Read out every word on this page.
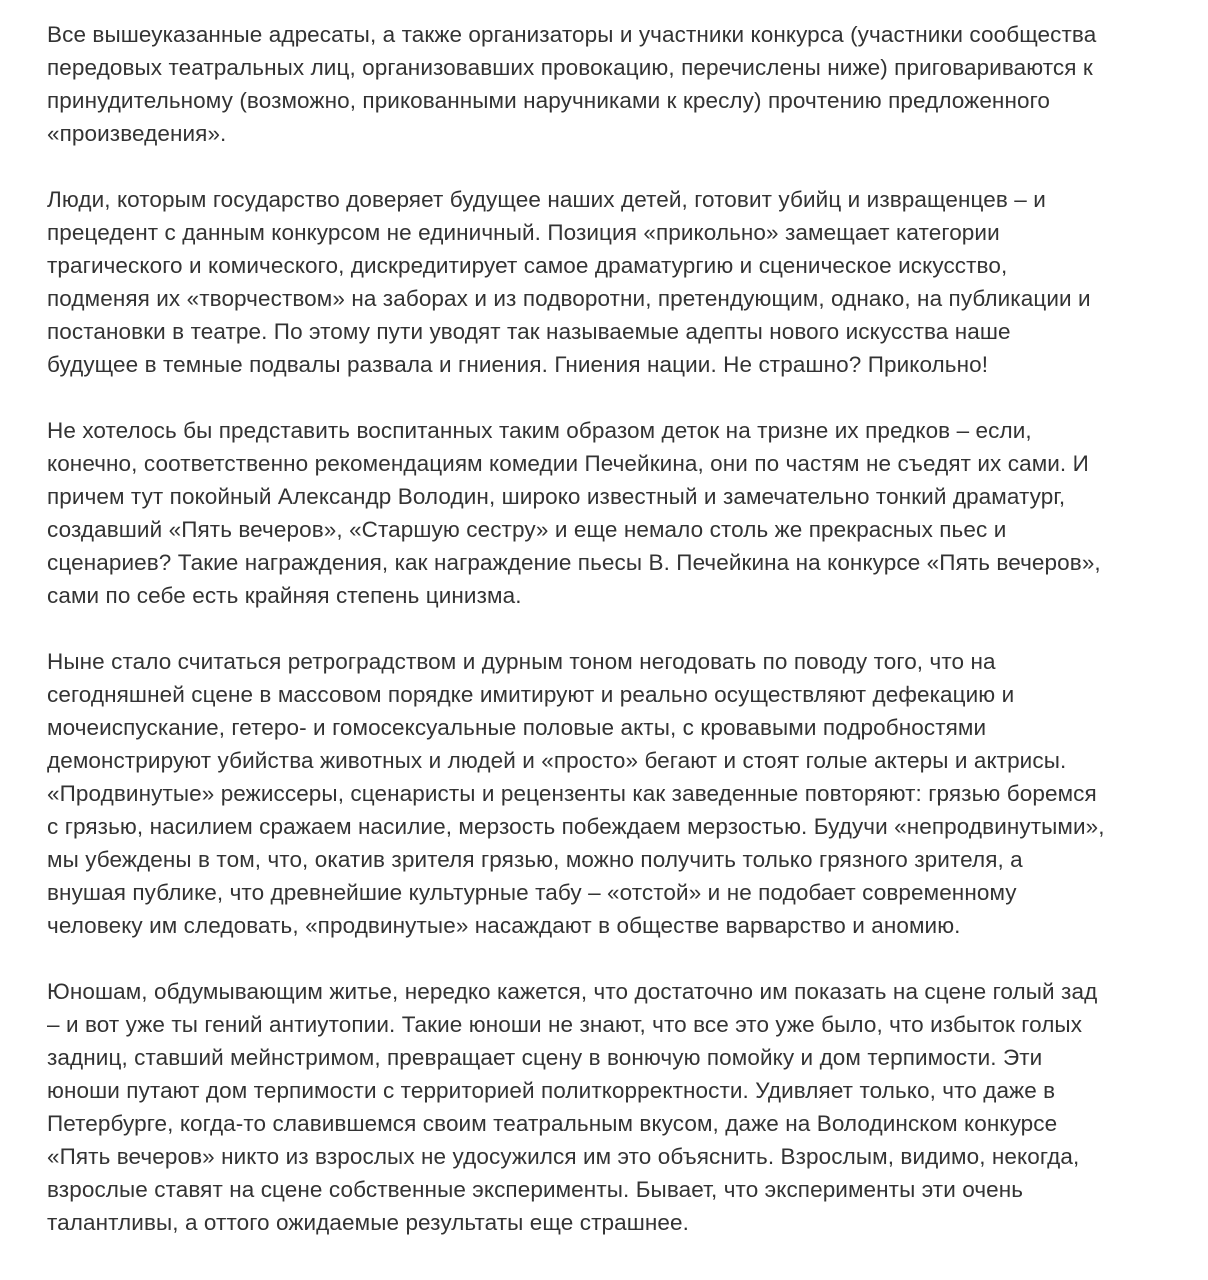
Все вышеуказанные адресаты, а также организаторы и участники конкурса (участники сообщества
передовых театральных лиц, организовавших провокацию, перечислены ниже) приговариваются к
принудительному (возможно, прикованными наручниками к креслу) прочтению предложенного
«произведения».

Люди, которым государство доверяет будущее наших детей, готовит убийц и извращенцев – и
прецедент с данным конкурсом не единичный. Позиция «прикольно» замещает категории
трагического и комического, дискредитирует самое драматургию и сценическое искусство,
подменяя их «творчеством» на заборах и из подворотни, претендующим, однако, на публикации и
постановки в театре. По этому пути уводят так называемые адепты нового искусства наше
будущее в темные подвалы развала и гниения. Гниения нации. Не страшно? Прикольно!

Не хотелось бы представить воспитанных таким образом деток на тризне их предков – если,
конечно, соответственно рекомендациям комедии Печейкина, они по частям не съедят их сами. И
причем тут покойный Александр Володин, широко известный и замечательно тонкий драматург,
создавший «Пять вечеров», «Старшую сестру» и еще немало столь же прекрасных пьес и
сценариев? Такие награждения, как награждение пьесы В. Печейкина на конкурсе «Пять вечеров»,
сами по себе есть крайняя степень цинизма.

Ныне стало считаться ретроградством и дурным тоном негодовать по поводу того, что на
сегодняшней сцене в массовом порядке имитируют и реально осуществляют дефекацию и
мочеиспускание, гетеро- и гомосексуальные половые акты, с кровавыми подробностями
демонстрируют убийства животных и людей и «просто» бегают и стоят голые актеры и актрисы.
«Продвинутые» режиссеры, сценаристы и рецензенты как заведенные повторяют: грязью боремся
с грязью, насилием сражаем насилие, мерзость побеждаем мерзостью. Будучи «непродвинутыми»,
мы убеждены в том, что, окатив зрителя грязью, можно получить только грязного зрителя, а
внушая публике, что древнейшие культурные табу – «отстой» и не подобает современному
человеку им следовать, «продвинутые» насаждают в обществе варварство и аномию.

Юношам, обдумывающим житье, нередко кажется, что достаточно им показать на сцене голый зад
– и вот уже ты гений антиутопии. Такие юноши не знают, что все это уже было, что избыток голых
задниц, ставший мейнстримом, превращает сцену в вонючую помойку и дом терпимости. Эти
юноши путают дом терпимости с территорией политкорректности. Удивляет только, что даже в
Петербурге, когда-то славившемся своим театральным вкусом, даже на Володинском конкурсе
«Пять вечеров» никто из взрослых не удосужился им это объяснить. Взрослым, видимо, некогда,
взрослые ставят на сцене собственные эксперименты. Бывает, что эксперименты эти очень
талантливы, а оттого ожидаемые результаты еще страшнее.
